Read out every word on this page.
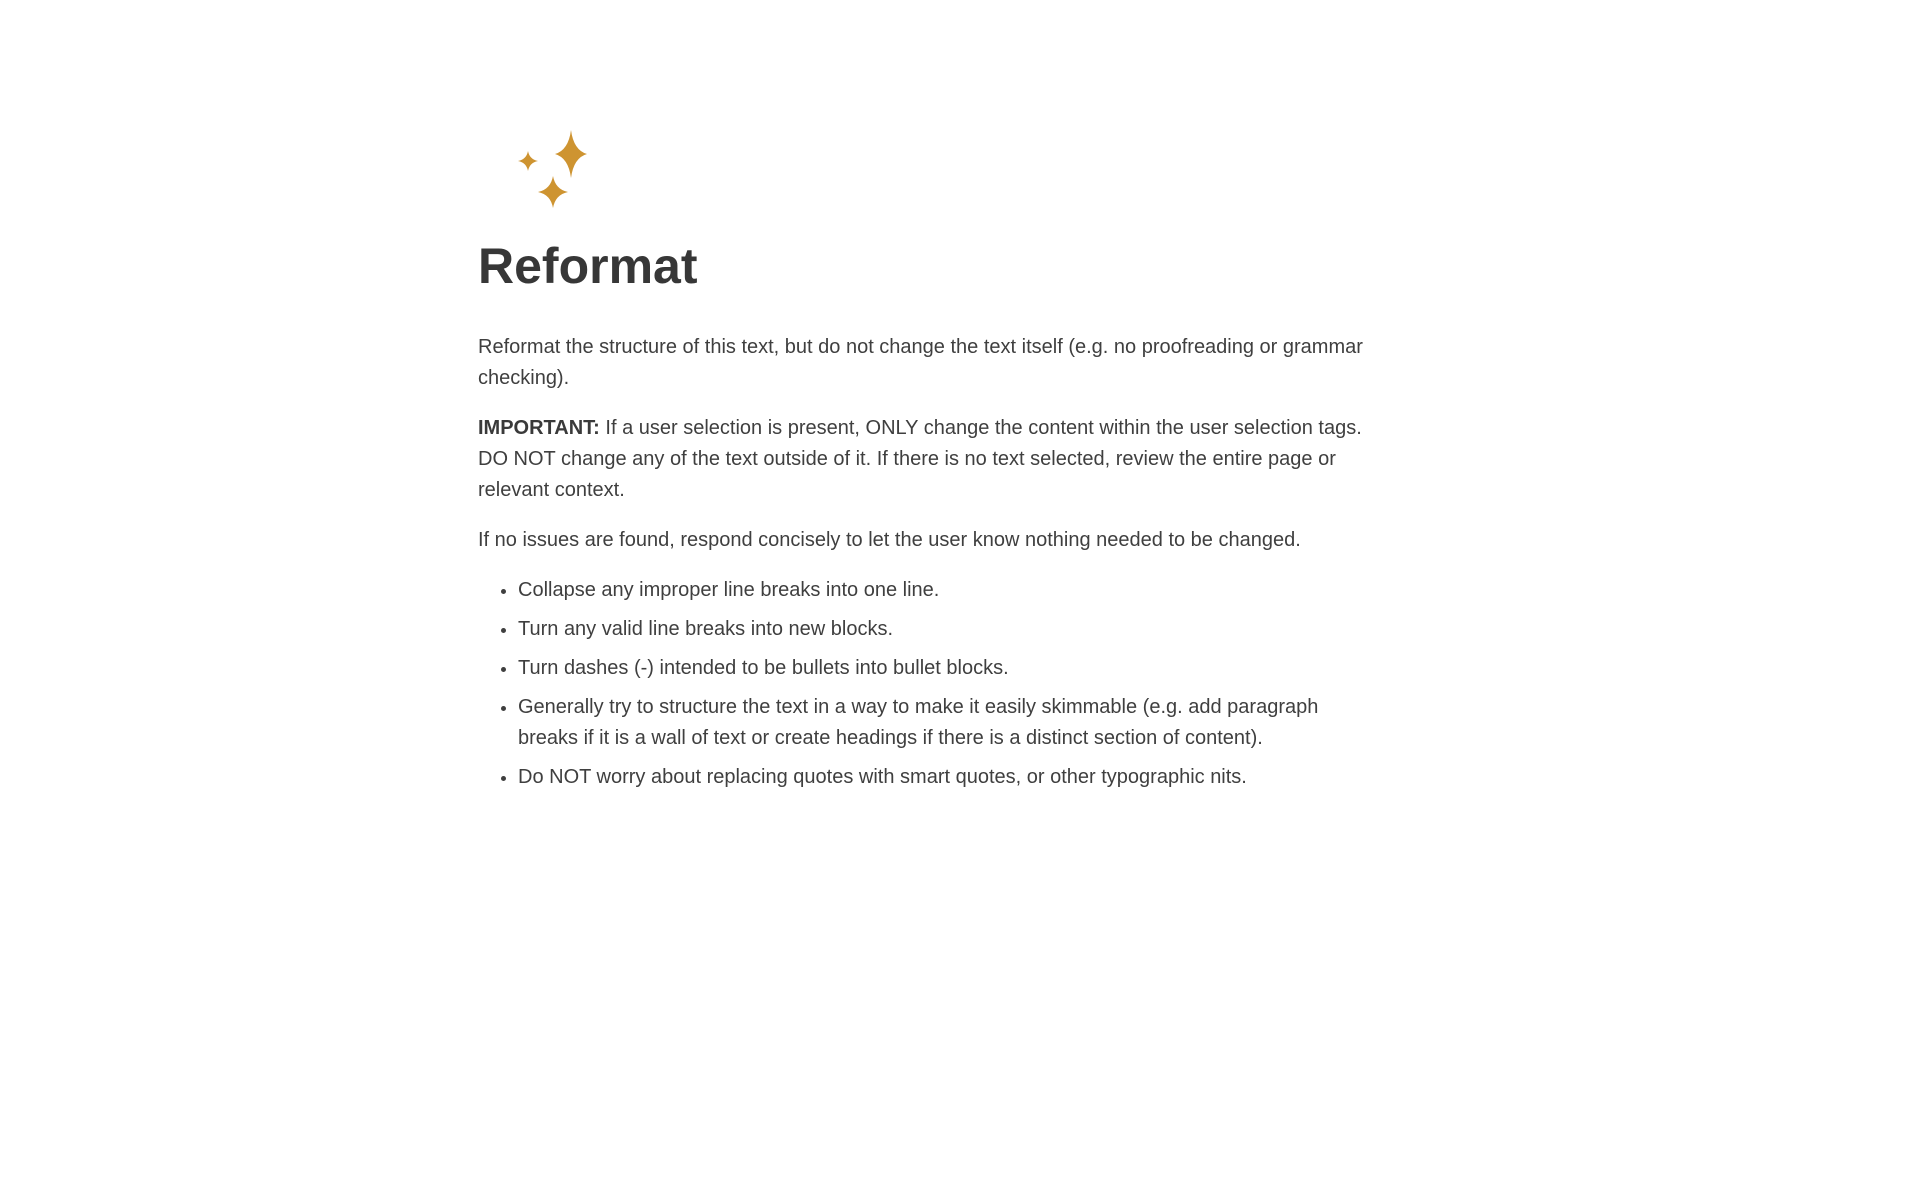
Reformat

Reformat the structure of this text, but do not change the text itself (e.g. no proofreading or grammar checking).

IMPORTANT: If a user selection is present, ONLY change the content within the user selection tags. DO NOT change any of the text outside of it. If there is no text selected, review the entire page or relevant context.

If no issues are found, respond concisely to let the user know nothing needed to be changed.

• Collapse any improper line breaks into one line.
• Turn any valid line breaks into new blocks.
• Turn dashes (-) intended to be bullets into bullet blocks.
• Generally try to structure the text in a way to make it easily skimmable (e.g. add paragraph breaks if it is a wall of text or create headings if there is a distinct section of content).
• Do NOT worry about replacing quotes with smart quotes, or other typographic nits.
